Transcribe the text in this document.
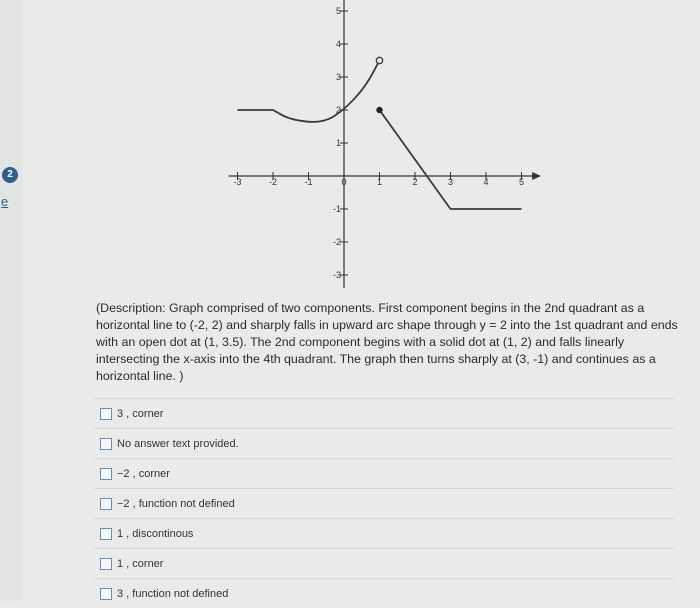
2
e
-3	-2	-1	0	1	2	3	4	5
1
2
3
4
5
-1
-2
-3
(Description: Graph comprised of two components. First component begins in the 2nd quadrant as a horizontal line to (-2, 2) and sharply falls in upward arc shape through y = 2 into the 1st quadrant and ends with an open dot at (1, 3.5). The 2nd component begins with a solid dot at (1, 2) and falls linearly intersecting the x-axis into the 4th quadrant. The graph then turns sharply at (3, -1) and continues as a horizontal line. )
3 , corner
No answer text provided.
−2 , corner
−2 , function not defined
1 , discontinous
1 , corner
3 , function not defined
